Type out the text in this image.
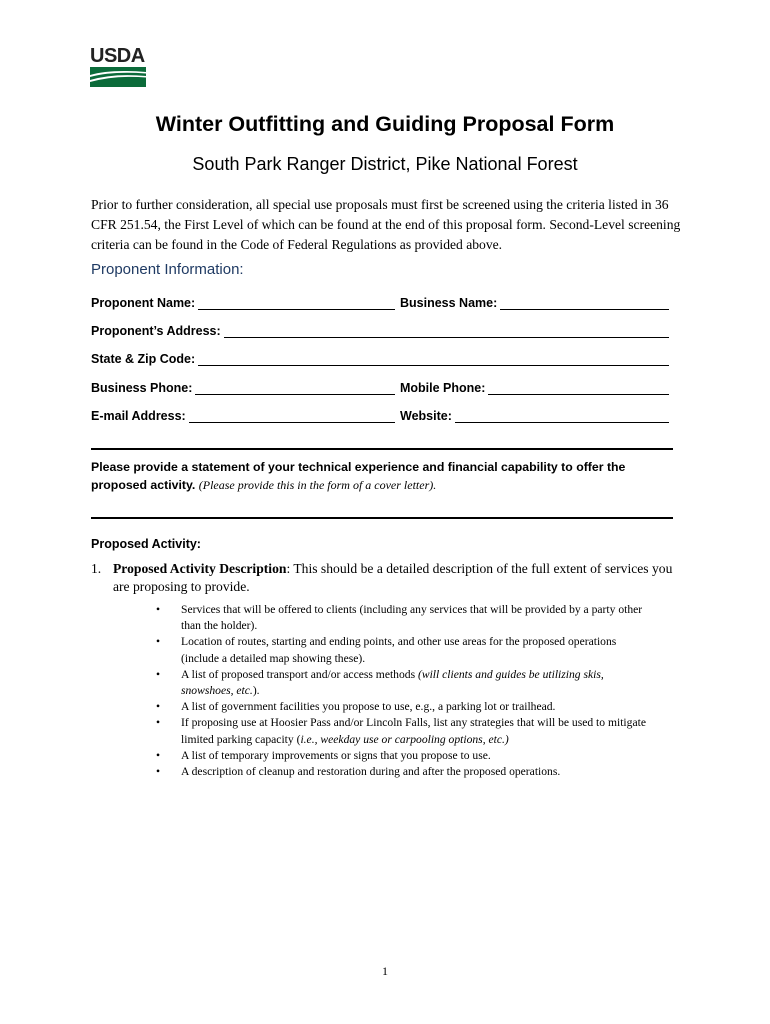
USDA
Winter Outfitting and Guiding Proposal Form
South Park Ranger District, Pike National Forest
Prior to further consideration, all special use proposals must first be screened using the criteria listed in 36 CFR 251.54, the First Level of which can be found at the end of this proposal form. Second-Level screening criteria can be found in the Code of Federal Regulations as provided above.
Proponent Information:
Proponent Name:	Business Name:
Proponent’s Address:
State & Zip Code:
Business Phone:	Mobile Phone:
E-mail Address:	Website:
Please provide a statement of your technical experience and financial capability to offer the proposed activity. (Please provide this in the form of a cover letter).
Proposed Activity:
1. Proposed Activity Description: This should be a detailed description of the full extent of services you are proposing to provide.
• Services that will be offered to clients (including any services that will be provided by a party other than the holder).
• Location of routes, starting and ending points, and other use areas for the proposed operations (include a detailed map showing these).
• A list of proposed transport and/or access methods (will clients and guides be utilizing skis, snowshoes, etc.).
• A list of government facilities you propose to use, e.g., a parking lot or trailhead.
• If proposing use at Hoosier Pass and/or Lincoln Falls, list any strategies that will be used to mitigate limited parking capacity (i.e., weekday use or carpooling options, etc.)
• A list of temporary improvements or signs that you propose to use.
• A description of cleanup and restoration during and after the proposed operations.
1
